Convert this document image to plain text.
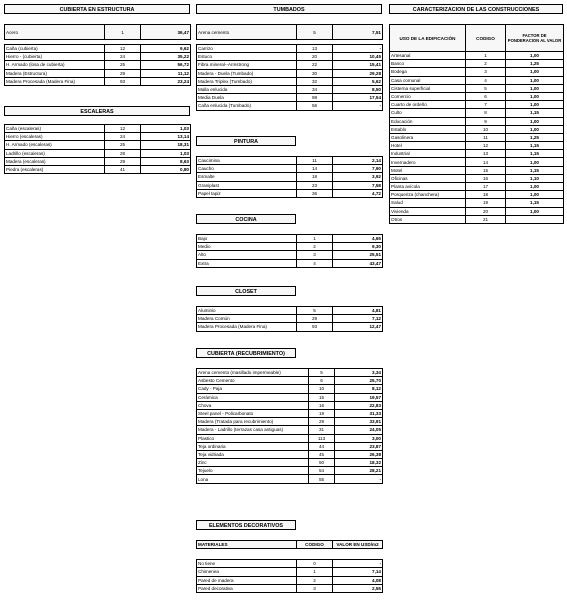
CUBIERTA EN ESTRUCTURA
Acero	1	36,47

Caña (cubierta)	12	9,62
Hierro - (cubierta)	24	35,22
H. Armado (losa de cubierta)	25	56,72
Madera (Estructura)	29	11,12
Madera Procesada (Madera Fina)	93	23,24
ESCALERAS
Caña (escaleras)	12	1,03
Hierro (escaleras)	24	13,14
H. Armado (escaleras)	25	18,31
Ladrillo (escaleras)	28	1,03
Madera (escaleras)	29	8,63
Piedra (escaleras)	41	0,80
TUMBADOS
Arena cemento	5	7,51

Carrizo	13	-
Estuco	20	10,45
Fibra mineral--Armstrong	22	15,41
Madera - Duela (Tumbado)	30	29,28
Madera Triplex (Tumbado)	32	5,62
Malla enlucida	34	8,50
Media Duela	98	17,54
Caña enlucida (Tumbado)	56	-
PINTURA
Caucimina	11	2,14
Caucho	14	7,90
Esmalte	18	3,92
Graniplast	23	7,58
Papel tapiz	36	4,72
COCINA
Bajo	1	4,65
Medio	2	9,30
Alto	3	25,51
Extra	4	43,47
CLOSET
Aluminio	5	4,81
Madera Común	29	7,12
Madera Procesada (Madera Fina)	93	12,47
CUBIERTA (RECUBRIMIENTO)
Arena cemento (masillado impermeable)	5	3,34
Asbesto Cemento	6	25,70
Cady - Paja	10	8,12
Cerámica	15	19,57
Chova	16	22,83
Steel panel - Policarbonato	19	31,33
Madera (Tratada para recubrimiento)	29	33,91
Madera - Ladrillo (terrazas casa antiguas)	31	24,05
Plastico	113	3,00
Teja ordinaria	44	23,87
Teja vidriada	45	26,38
Zinc	50	18,32
Tejuelo	54	28,21
Lona	55	-
ELEMENTOS DECORATIVOS
MATERIALES	CODIGO	VALOR EN USD/m2

No tiene	0	-
Chimenea	1	7,14
Pared de madera	2	4,08
Pared decorativa	3	2,55
CARACTERIZACION DE LAS CONSTRUCCIONES
USO DE LA EDIFICACIÓN	CODIGO	FACTOR DE PONDERACION AL VALOR
Artesanal	1	1,00
Banco	2	1,25
Bodega	3	1,00
Casa comunal	4	1,00
Cisterna superficial	5	1,00
Comercio	6	1,00
Cuarto de ordeño	7	1,00
Culto	8	1,15
Educación	9	1,00
Establo	10	1,00
Gasolinera	11	1,25
Hotel	12	1,15
Industrial	13	1,15
Invernadero	14	1,00
Motel	15	1,15
Oficinas	16	1,10
Planta avícola	17	1,00
Porqueriza (chanchera)	18	1,00
Salud	19	1,15
Vivienda	20	1,00
Otros	21	
